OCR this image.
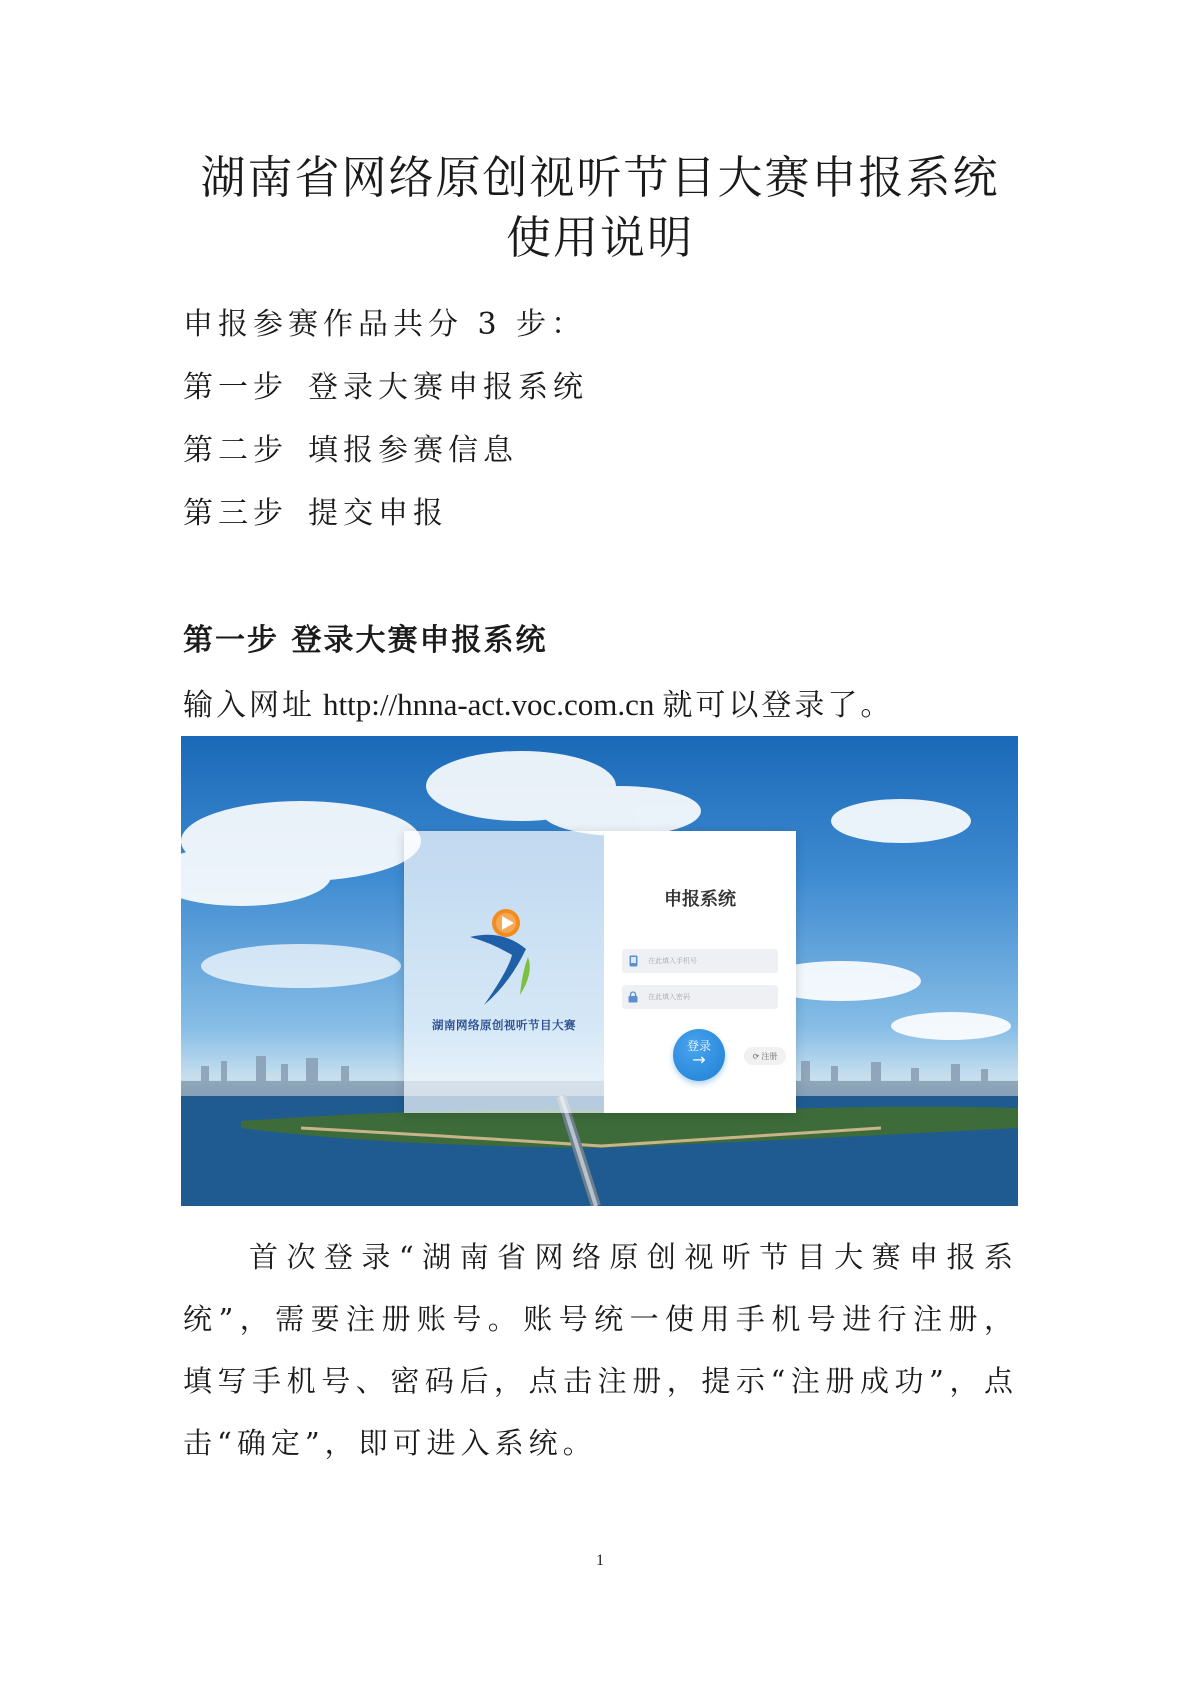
湖南省网络原创视听节目大赛申报系统
使用说明
申报参赛作品共分 3 步：
第一步 登录大赛申报系统
第二步 填报参赛信息
第三步 提交申报
第一步 登录大赛申报系统
输入网址 http://hnna-act.voc.com.cn 就可以登录了。
湖南网络原创视听节目大赛
申报系统
在此填入手机号
登录
→	⟳ 注册

首次登录“湖南省网络原创视听节目大赛申报系统”，需要注册账号。账号统一使用手机号进行注册，填写手机号、密码后，点击注册，提示“注册成功”，点击“确定”，即可进入系统。

1
